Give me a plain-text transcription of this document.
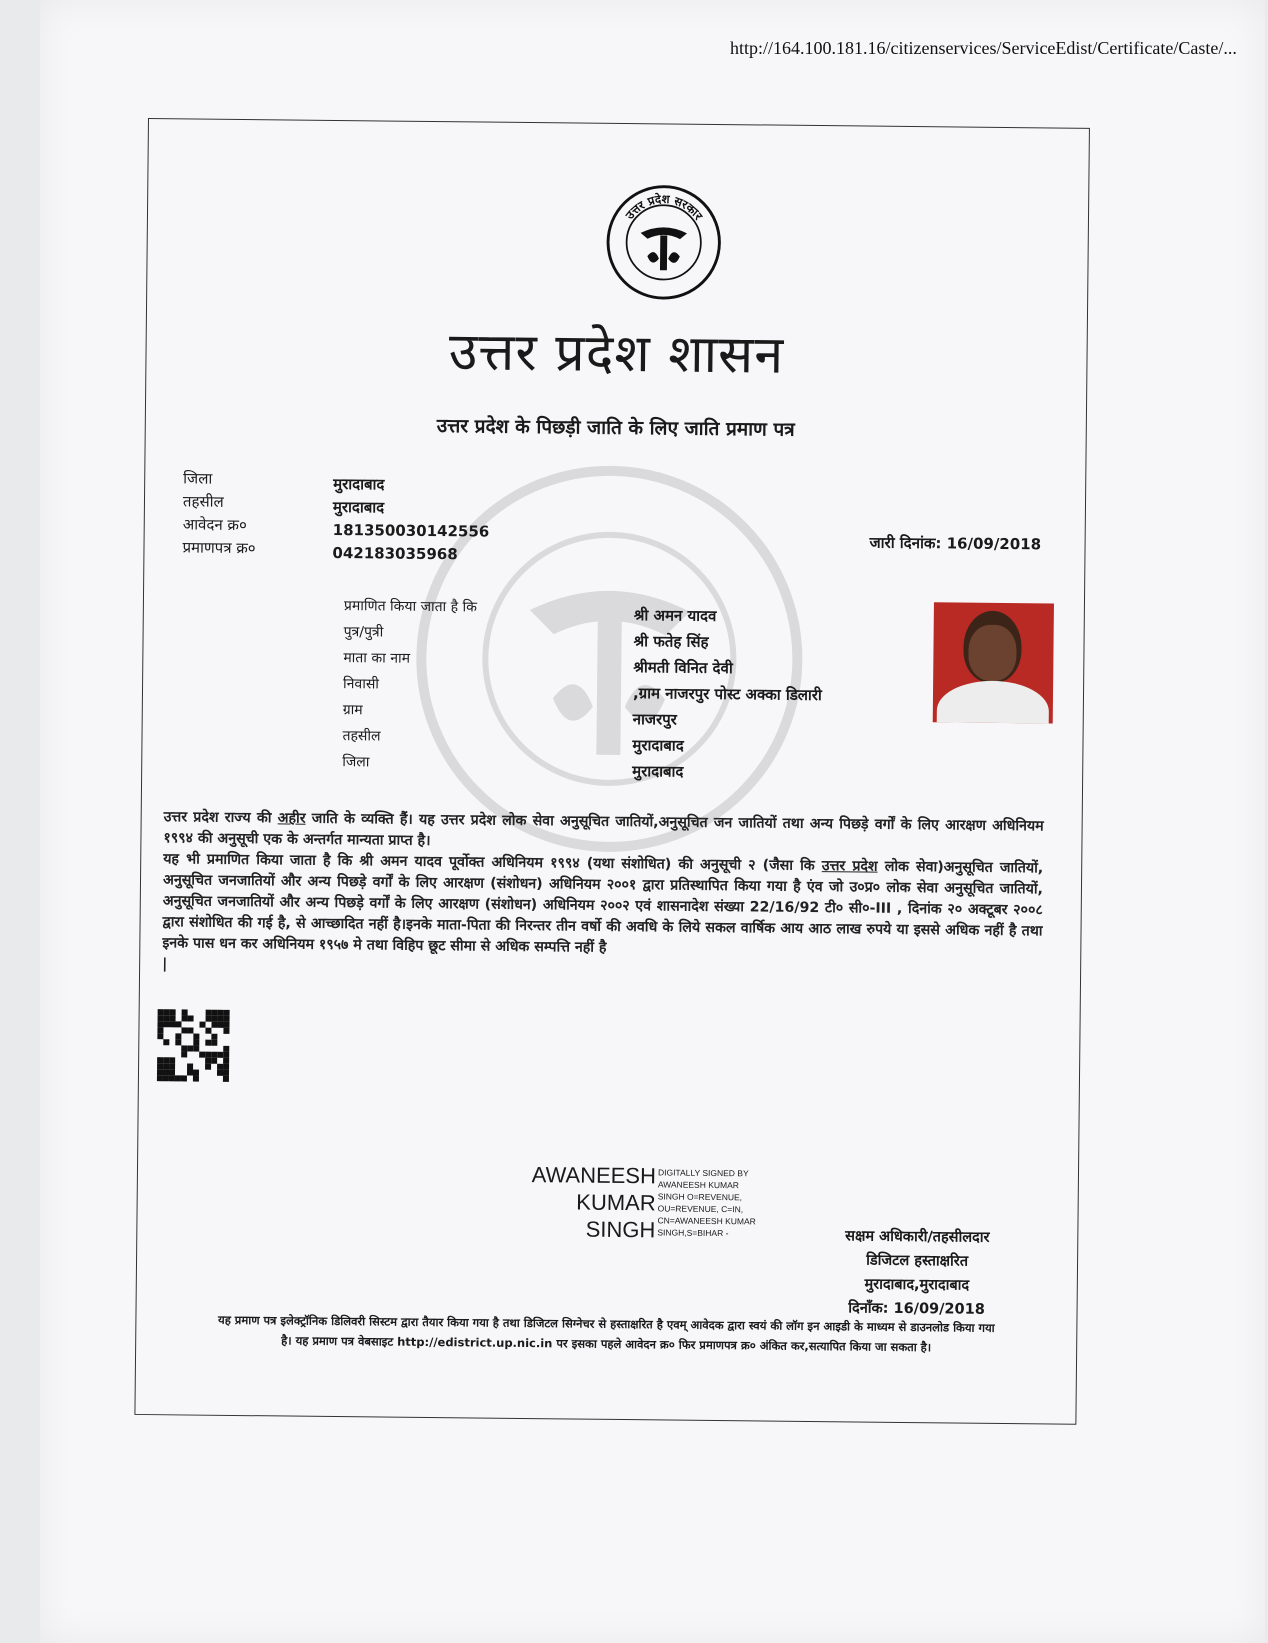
http://164.100.181.16/citizenservices/ServiceEdist/Certificate/Caste/...
उत्तर प्रदेश सरकार
उत्तर प्रदेश शासन
उत्तर प्रदेश के पिछड़ी जाति के लिए जाति प्रमाण पत्र
जिला
तहसील
आवेदन क्र०
प्रमाणपत्र क्र०
मुरादाबाद
मुरादाबाद
181350030142556
042183035968
जारी दिनांक: 16/09/2018
प्रमाणित किया जाता है कि
पुत्र/पुत्री
माता का नाम
निवासी
ग्राम
तहसील
जिला
श्री अमन यादव
श्री फतेह सिंह
श्रीमती विनित देवी
,ग्राम नाजरपुर पोस्ट अक्का डिलारी
नाजरपुर
मुरादाबाद
मुरादाबाद

उत्तर प्रदेश राज्य की अहीर जाति के व्यक्ति हैं। यह उत्तर प्रदेश लोक सेवा अनुसूचित जातियों,अनुसूचित जन जातियों तथा अन्य पिछड़े वर्गों के लिए आरक्षण अधिनियम १९९४ की अनुसूची एक के अन्तर्गत मान्यता प्राप्त है।

यह भी प्रमाणित किया जाता है कि श्री अमन यादव पूर्वोक्त अधिनियम १९९४ (यथा संशोधित) की अनुसूची २ (जैसा कि उत्तर प्रदेश लोक सेवा)अनुसूचित जातियों, अनुसूचित जनजातियों और अन्य पिछड़े वर्गों के लिए आरक्षण (संशोधन) अधिनियम २००१ द्वारा प्रतिस्थापित किया गया है एंव जो उ०प्र० लोक सेवा अनुसूचित जातियों, अनुसूचित जनजातियों और अन्य पिछड़े वर्गों के लिए आरक्षण (संशोधन) अधिनियम २००२ एवं शासनादेश संख्या 22/16/92 टी० सी०-III , दिनांक २० अक्टूबर २००८ द्वारा संशोधित की गई है, से आच्छादित नहीं है।इनके माता-पिता की निरन्तर तीन वर्षो की अवधि के लिये सकल वार्षिक आय आठ लाख रुपये या इससे अधिक नहीं है तथा इनके पास धन कर अधिनियम १९५७ मे तथा विहिप छूट सीमा से अधिक सम्पत्ति नहीं है

|

AWANEESH
KUMAR
SINGH
DIGITALLY SIGNED BY
AWANEESH KUMAR
SINGH O=REVENUE,
OU=REVENUE, C=IN,
CN=AWANEESH KUMAR
SINGH,S=BIHAR -	सक्षम अधिकारी/तहसीलदार
डिजिटल हस्ताक्षरित
मुरादाबाद,मुरादाबाद
दिनाँक: 16/09/2018
यह प्रमाण पत्र इलेक्ट्रॉनिक डिलिवरी सिस्टम द्वारा तैयार किया गया है तथा डिजिटल सिग्नेचर से हस्ताक्षरित है एवम् आवेदक द्वारा स्वयं की लॉग इन आइडी के माध्यम से डाउनलोड किया गया
है। यह प्रमाण पत्र वेबसाइट http://edistrict.up.nic.in पर इसका पहले आवेदन क्र० फिर प्रमाणपत्र क्र० अंकित कर,सत्यापित किया जा सकता है।
